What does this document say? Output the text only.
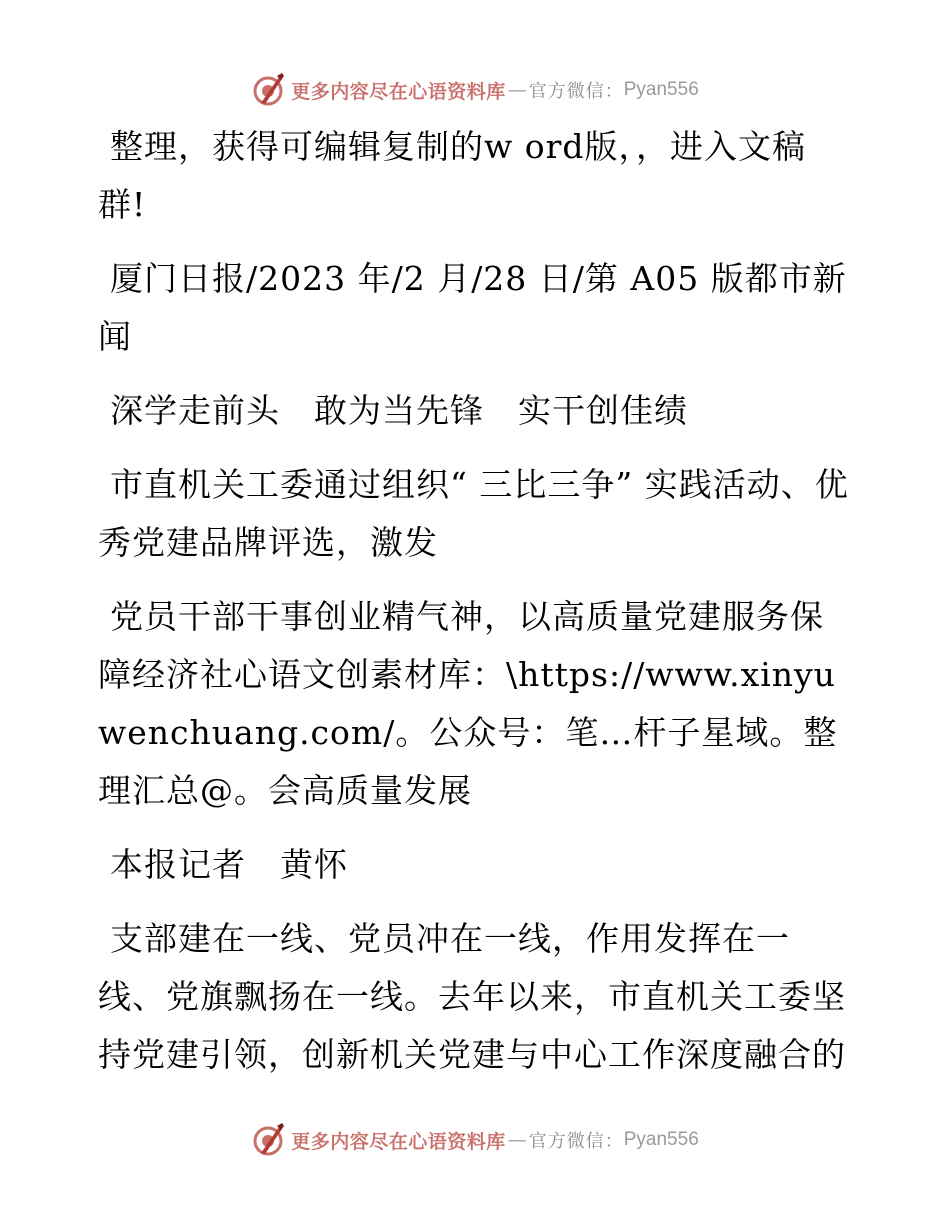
更多内容尽在心语资料库 — 官方微信： Pyan556

整理，获得可编辑复制的w ord版，，进入文稿群!

厦门日报/2023 年/2 月/28 日/第 A05 版都市新闻

深学走前头　敢为当先锋　实干创佳绩

市直机关工委通过组织“ 三比三争” 实践活动、优秀党建品牌评选，激发

党员干部干事创业精气神，以高质量党建服务保障经济社心语文创素材库：\https://www.xinyuwenchuang.com/。公众号：笔…杆子星域。整理汇总@。会高质量发展

本报记者　黄怀

支部建在一线、党员冲在一线，作用发挥在一线、党旗飘扬在一线。去年以来，市直机关工委坚持党建引领，创新机关党建与中心工作深度融合的

更多内容尽在心语资料库 — 官方微信： Pyan556
